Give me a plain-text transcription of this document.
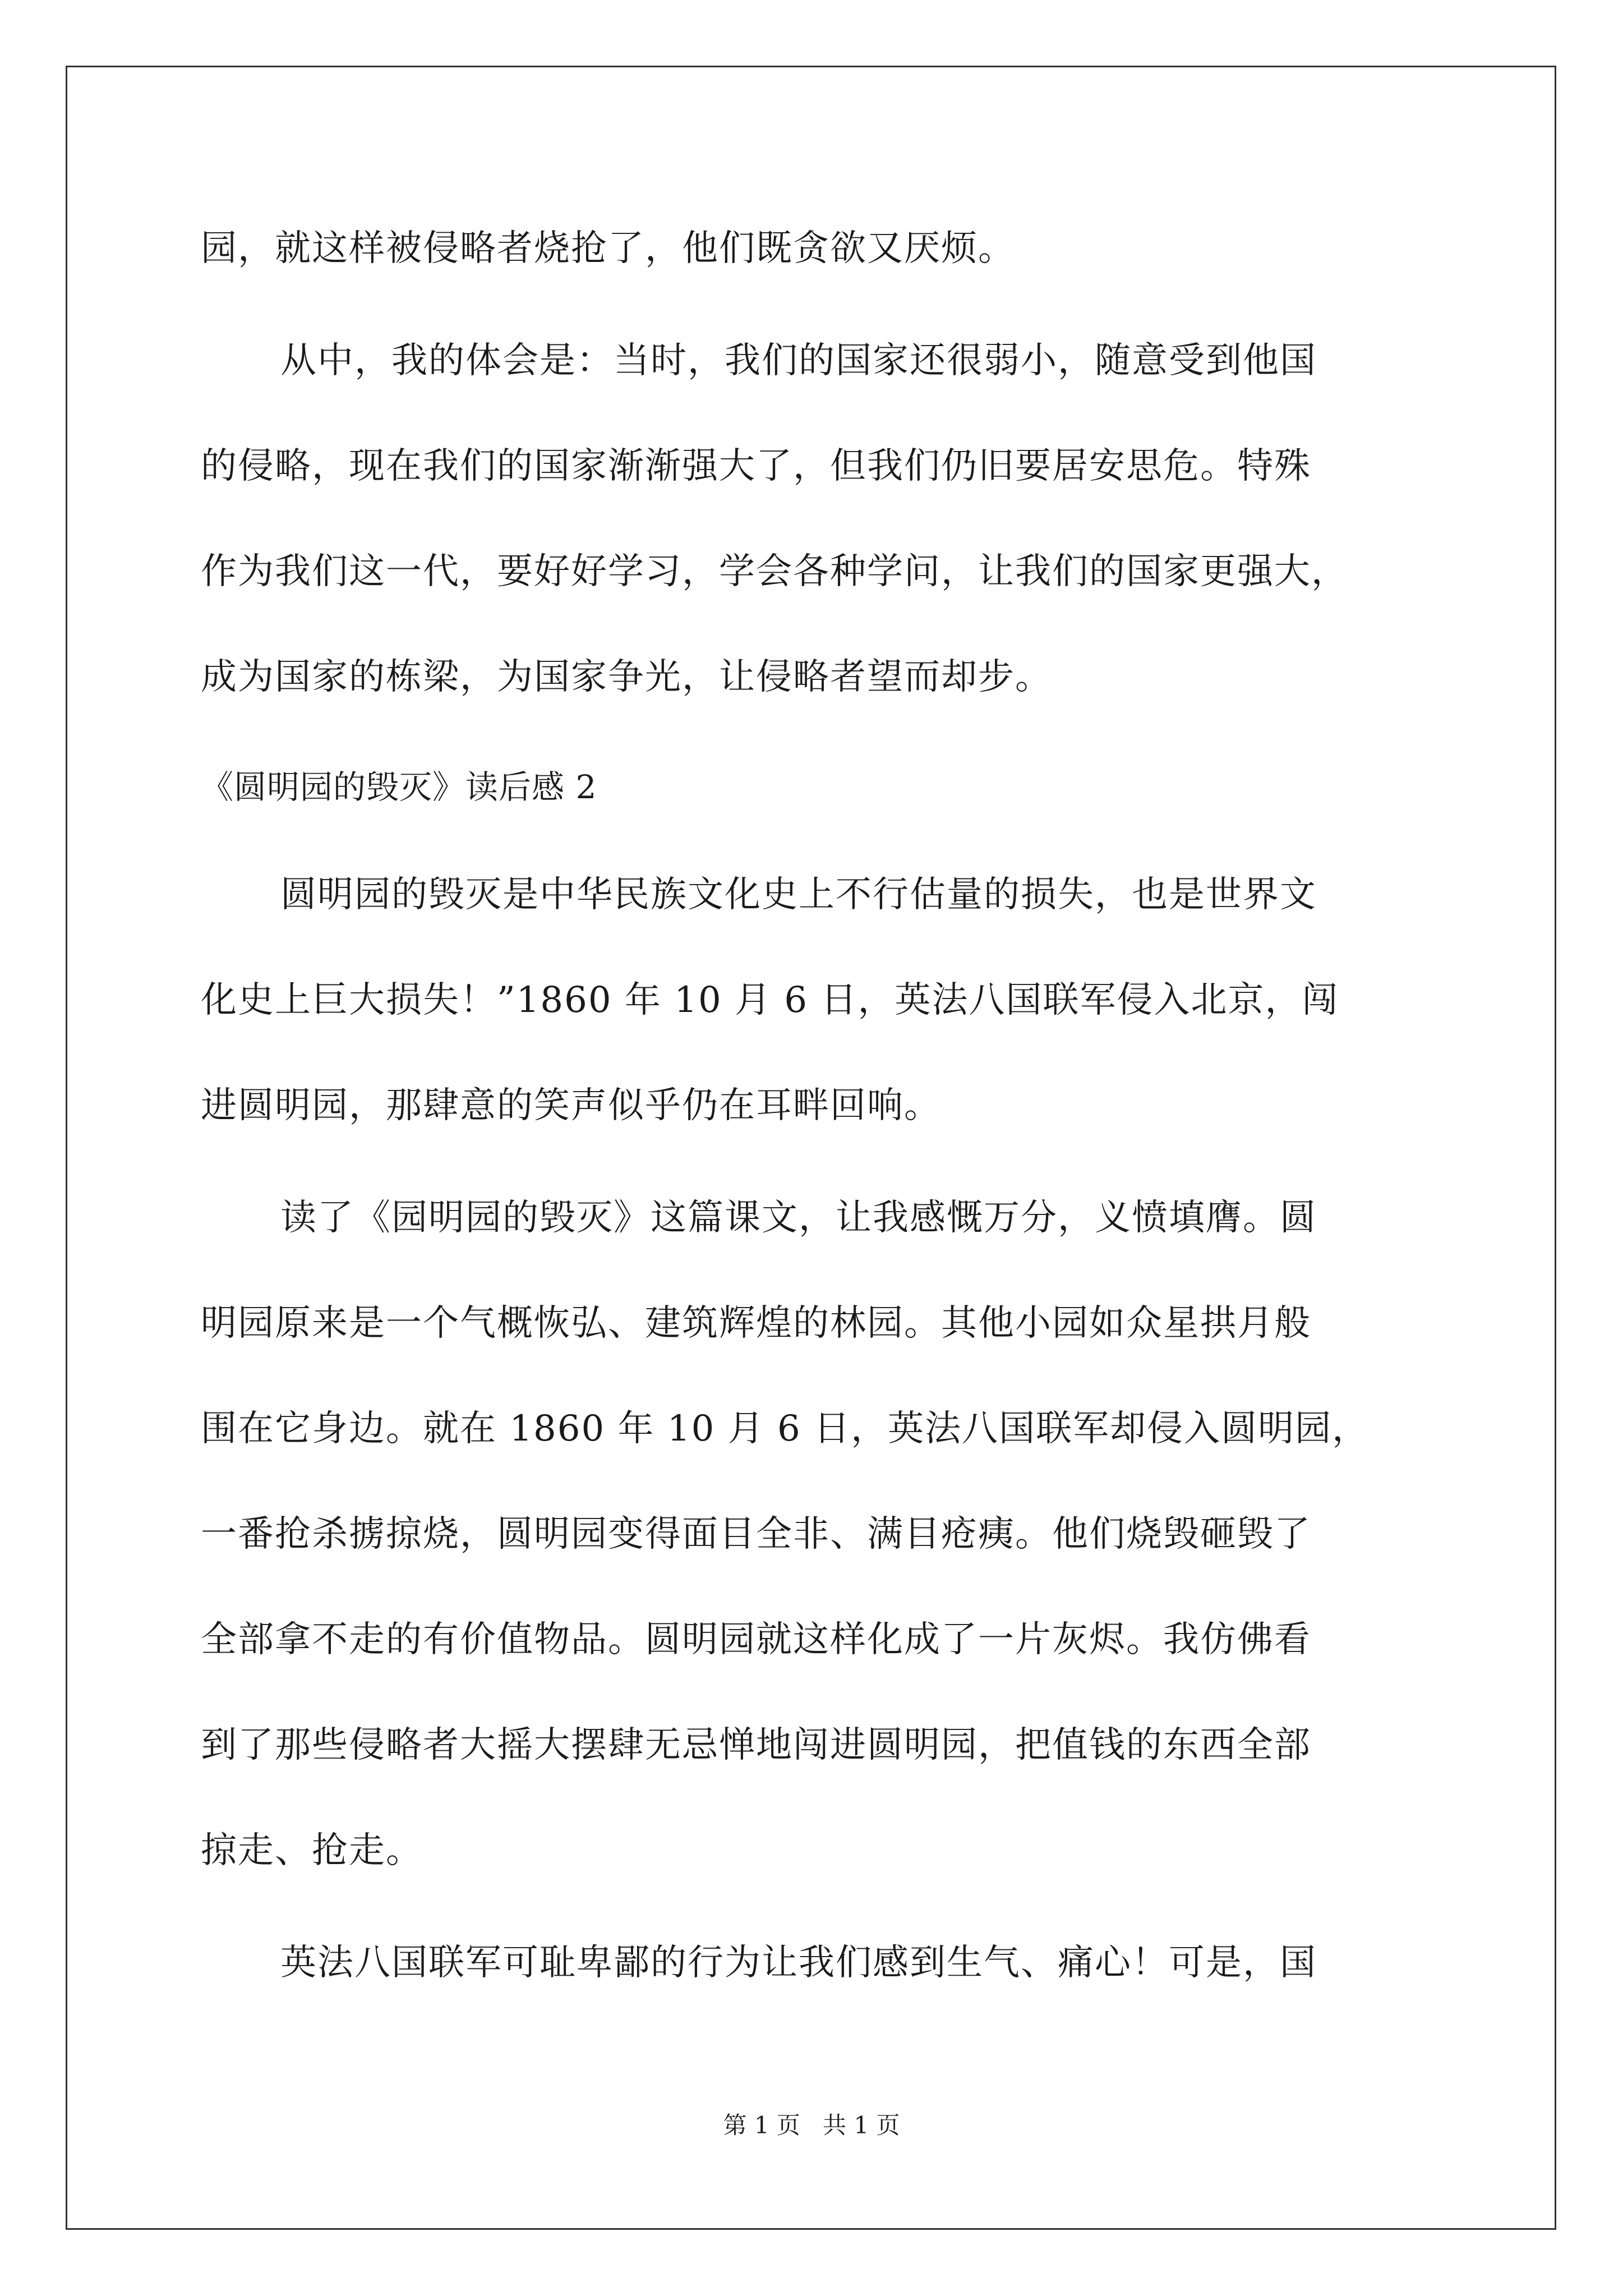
园，就这样被侵略者烧抢了，他们既贪欲又厌烦。
从中，我的体会是：当时，我们的国家还很弱小，随意受到他国
的侵略，现在我们的国家渐渐强大了，但我们仍旧要居安思危。特殊
作为我们这一代，要好好学习，学会各种学问，让我们的国家更强大，
成为国家的栋梁，为国家争光，让侵略者望而却步。
《圆明园的毁灭》读后感 2
圆明园的毁灭是中华民族文化史上不行估量的损失，也是世界文
化史上巨大损失！”1860 年 10 月 6 日，英法八国联军侵入北京，闯
进圆明园，那肆意的笑声似乎仍在耳畔回响。
读了《园明园的毁灭》这篇课文，让我感慨万分，义愤填膺。圆
明园原来是一个气概恢弘、建筑辉煌的林园。其他小园如众星拱月般
围在它身边。就在 1860 年 10 月 6 日，英法八国联军却侵入圆明园，
一番抢杀掳掠烧，圆明园变得面目全非、满目疮痍。他们烧毁砸毁了
全部拿不走的有价值物品。圆明园就这样化成了一片灰烬。我仿佛看
到了那些侵略者大摇大摆肆无忌惮地闯进圆明园，把值钱的东西全部
掠走、抢走。
英法八国联军可耻卑鄙的行为让我们感到生气、痛心！可是，国
第 1 页   共 1 页
